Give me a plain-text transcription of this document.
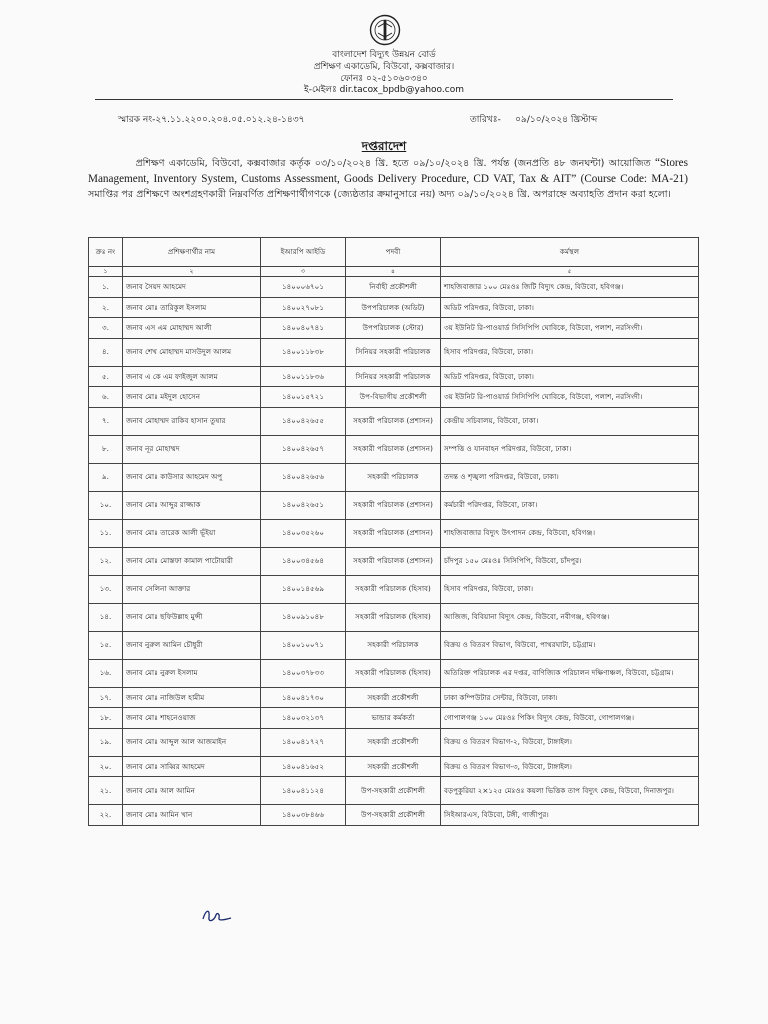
বাংলাদেশ বিদ্যুৎ উন্নয়ন বোর্ড
প্রশিক্ষণ একাডেমি, বিউবো, কক্সবাজার।
ফোনঃ ০২-৫১০৬০৩৪০
ই-মেইলঃ dir.tacox_bpdb@yahoo.com
স্মারক নং-২৭.১১.২২০০.২০৪.০৫.০১২.২৪-১৪৩৭	তারিখঃ- ০৯/১০/২০২৪ খ্রিস্টাব্দ
দপ্তরাদেশ
প্রশিক্ষণ একাডেমি, বিউবো, কক্সবাজার কর্তৃক ০৩/১০/২০২৪ খ্রি. হতে ০৯/১০/২০২৪ খ্রি. পর্যন্ত (জনপ্রতি ৪৮ জনঘন্টা) আয়োজিত “Stores Management, Inventory System, Customs Assessment, Goods Delivery Procedure, CD VAT, Tax & AIT” (Course Code: MA-21) সমাপ্তির পর প্রশিক্ষণে অংশগ্রহণকারী নিম্নবর্ণিত প্রশিক্ষণার্থীগণকে (জ্যেষ্ঠতার ক্রমানুসারে নয়) অদ্য ০৯/১০/২০২৪ খ্রি. অপরাহ্নে অব্যাহতি প্রদান করা হলো।
ক্রঃ নং	প্রশিক্ষণার্থীর নাম	ইআরপি আইডি	পদবী	কর্মস্থল
১	২	৩	৪	৫
১.	জনাব সৈয়দ আহমেদ	১৪০০০৬৭০১	নির্বাহী প্রকৌশলী	শাহজিবাজার ১০০ মেঃওঃ জিটি বিদ্যুৎ কেন্দ্র, বিউবো, হবিগঞ্জ।
২.	জনাব মোঃ তারিকুল ইসলাম	১৪০০২৭০৮১	উপপরিচালক (অডিট)	অডিট পরিদপ্তর, বিউবো, ঢাকা।
৩.	জনাব এস এম মোহাম্মদ আলী	১৪০০৪০৭৪১	উপপরিচালক (স্টোর)	৩য় ইউনিট রি-পাওয়ার্ড সিসিপিপি ঘোবিকে, বিউবো, পলাশ, নরসিংদী।
৪.	জনাব শেখ মোহাম্মদ মাসউদুল আলম	১৪০০১১৮৩৮	সিনিয়র সহকারী পরিচালক	হিসাব পরিদপ্তর, বিউবো, ঢাকা।
৫.	জনাব এ কে এম ফাইজুল আলম	১৪০০১১৮৩৬	সিনিয়র সহকারী পরিচালক	অডিট পরিদপ্তর, বিউবো, ঢাকা।
৬.	জনাব মোঃ মইদুল হোসেন	১৪০০১৫৭২১	উপ-বিভাগীয় প্রকৌশলী	৩য় ইউনিট রি-পাওয়ার্ড সিসিপিপি ঘোবিকে, বিউবো, পলাশ, নরসিংদী।
৭.	জনাব মোহাম্মদ রাকিব হাসান তুষার	১৪০০৪২৬৫৫	সহকারী পরিচালক (প্রশাসন)	কেন্দ্রীয় সচিবালয়, বিউবো, ঢাকা।
৮.	জনাব নূর মোহাম্মদ	১৪০০৪২৬৫৭	সহকারী পরিচালক (প্রশাসন)	সম্পত্তি ও যানবাহন পরিদপ্তর, বিউবো, ঢাকা।
৯.	জনাব মোঃ কাউসার আহমেদ অপু	১৪০০৪২৬৫৬	সহকারী পরিচালক	তদন্ত ও শৃঙ্খলা পরিদপ্তর, বিউবো, ঢাকা।
১০.	জনাব মোঃ আব্দুর রাজ্জাক	১৪০০৪২৬৫১	সহকারী পরিচালক (প্রশাসন)	কর্মচারী পরিদপ্তর, বিউবো, ঢাকা।
১১.	জনাব মোঃ তারেক আলী ভূঁইয়া	১৪০০৩৫২৬০	সহকারী পরিচালক (প্রশাসন)	শাহজিবাজার বিদ্যুৎ উৎপাদন কেন্দ্র, বিউবো, হবিগঞ্জ।
১২.	জনাব মোঃ মোস্তফা কামাল পাটোয়ারী	১৪০০৩৪৫৬৪	সহকারী পরিচালক (প্রশাসন)	চাঁদপুর ১৫০ মেঃওঃ সিসিপিপি, বিউবো, চাঁদপুর।
১৩.	জনাব সেলিনা আক্তার	১৪০০১৪৫৬৯	সহকারী পরিচালক (হিসাব)	হিসাব পরিদপ্তর, বিউবো, ঢাকা।
১৪.	জনাব মোঃ ছফিউল্লাহ মুন্সী	১৪০০৯১০৪৮	সহকারী পরিচালক (হিসাব)	আজিজ, বিবিয়ানা বিদ্যুৎ কেন্দ্র, বিউবো, নবীগঞ্জ, হবিগঞ্জ।
১৫.	জনাব নুরুল আমিন চৌধুরী	১৪০০১০০৭১	সহকারী পরিচালক	বিক্রয় ও বিতরণ বিভাগ, বিউবো, পাথরঘাটা, চট্টগ্রাম।
১৬.	জনাব মোঃ নুরুল ইসলাম	১৪০০৩৭৮৩৩	সহকারী পরিচালক (হিসাব)	অতিরিক্ত পরিচালক এর দপ্তর, বাণিজ্যিক পরিচালন দক্ষিণাঞ্চল, বিউবো, চট্টগ্রাম।
১৭.	জনাব মোঃ নাজিউল হামীম	১৪০০৪১৭৩০	সহকারী প্রকৌশলী	ঢাকা কম্পিউটার সেন্টার, বিউবো, ঢাকা।
১৮.	জনাব মোঃ শাহনেওয়াজ	১৪০০৩২১৩৭	ভান্ডার কর্মকর্তা	গোপালগঞ্জ ১০০ মেঃওঃ পিকিং বিদ্যুৎ কেন্দ্র, বিউবো, গোপালগঞ্জ।
১৯.	জনাব মোঃ আব্দুল আল আজমাইন	১৪০০৪১৭২৭	সহকারী প্রকৌশলী	বিক্রয় ও বিতরণ বিভাগ-২, বিউবো, টাঙ্গাইল।
২০.	জনাব মোঃ সাব্বির আহমেদ	১৪০০৪১৬৫২	সহকারী প্রকৌশলী	বিক্রয় ও বিতরণ বিভাগ-৩, বিউবো, টাঙ্গাইল।
২১.	জনাব মোঃ আল আমিন	১৪০০৪১১২৪	উপ-সহকারী প্রকৌশলী	বড়পুকুরিয়া ২×১২৫ মেঃওঃ কয়লা ভিত্তিক তাপ বিদ্যুৎ কেন্দ্র, বিউবো, দিনাজপুর।
২২.	জনাব মোঃ আমিন খান	১৪০০৩৮৪৬৬	উপ-সহকারী প্রকৌশলী	সিইআরএস, বিউবো, টঙ্গী, গাজীপুর।
